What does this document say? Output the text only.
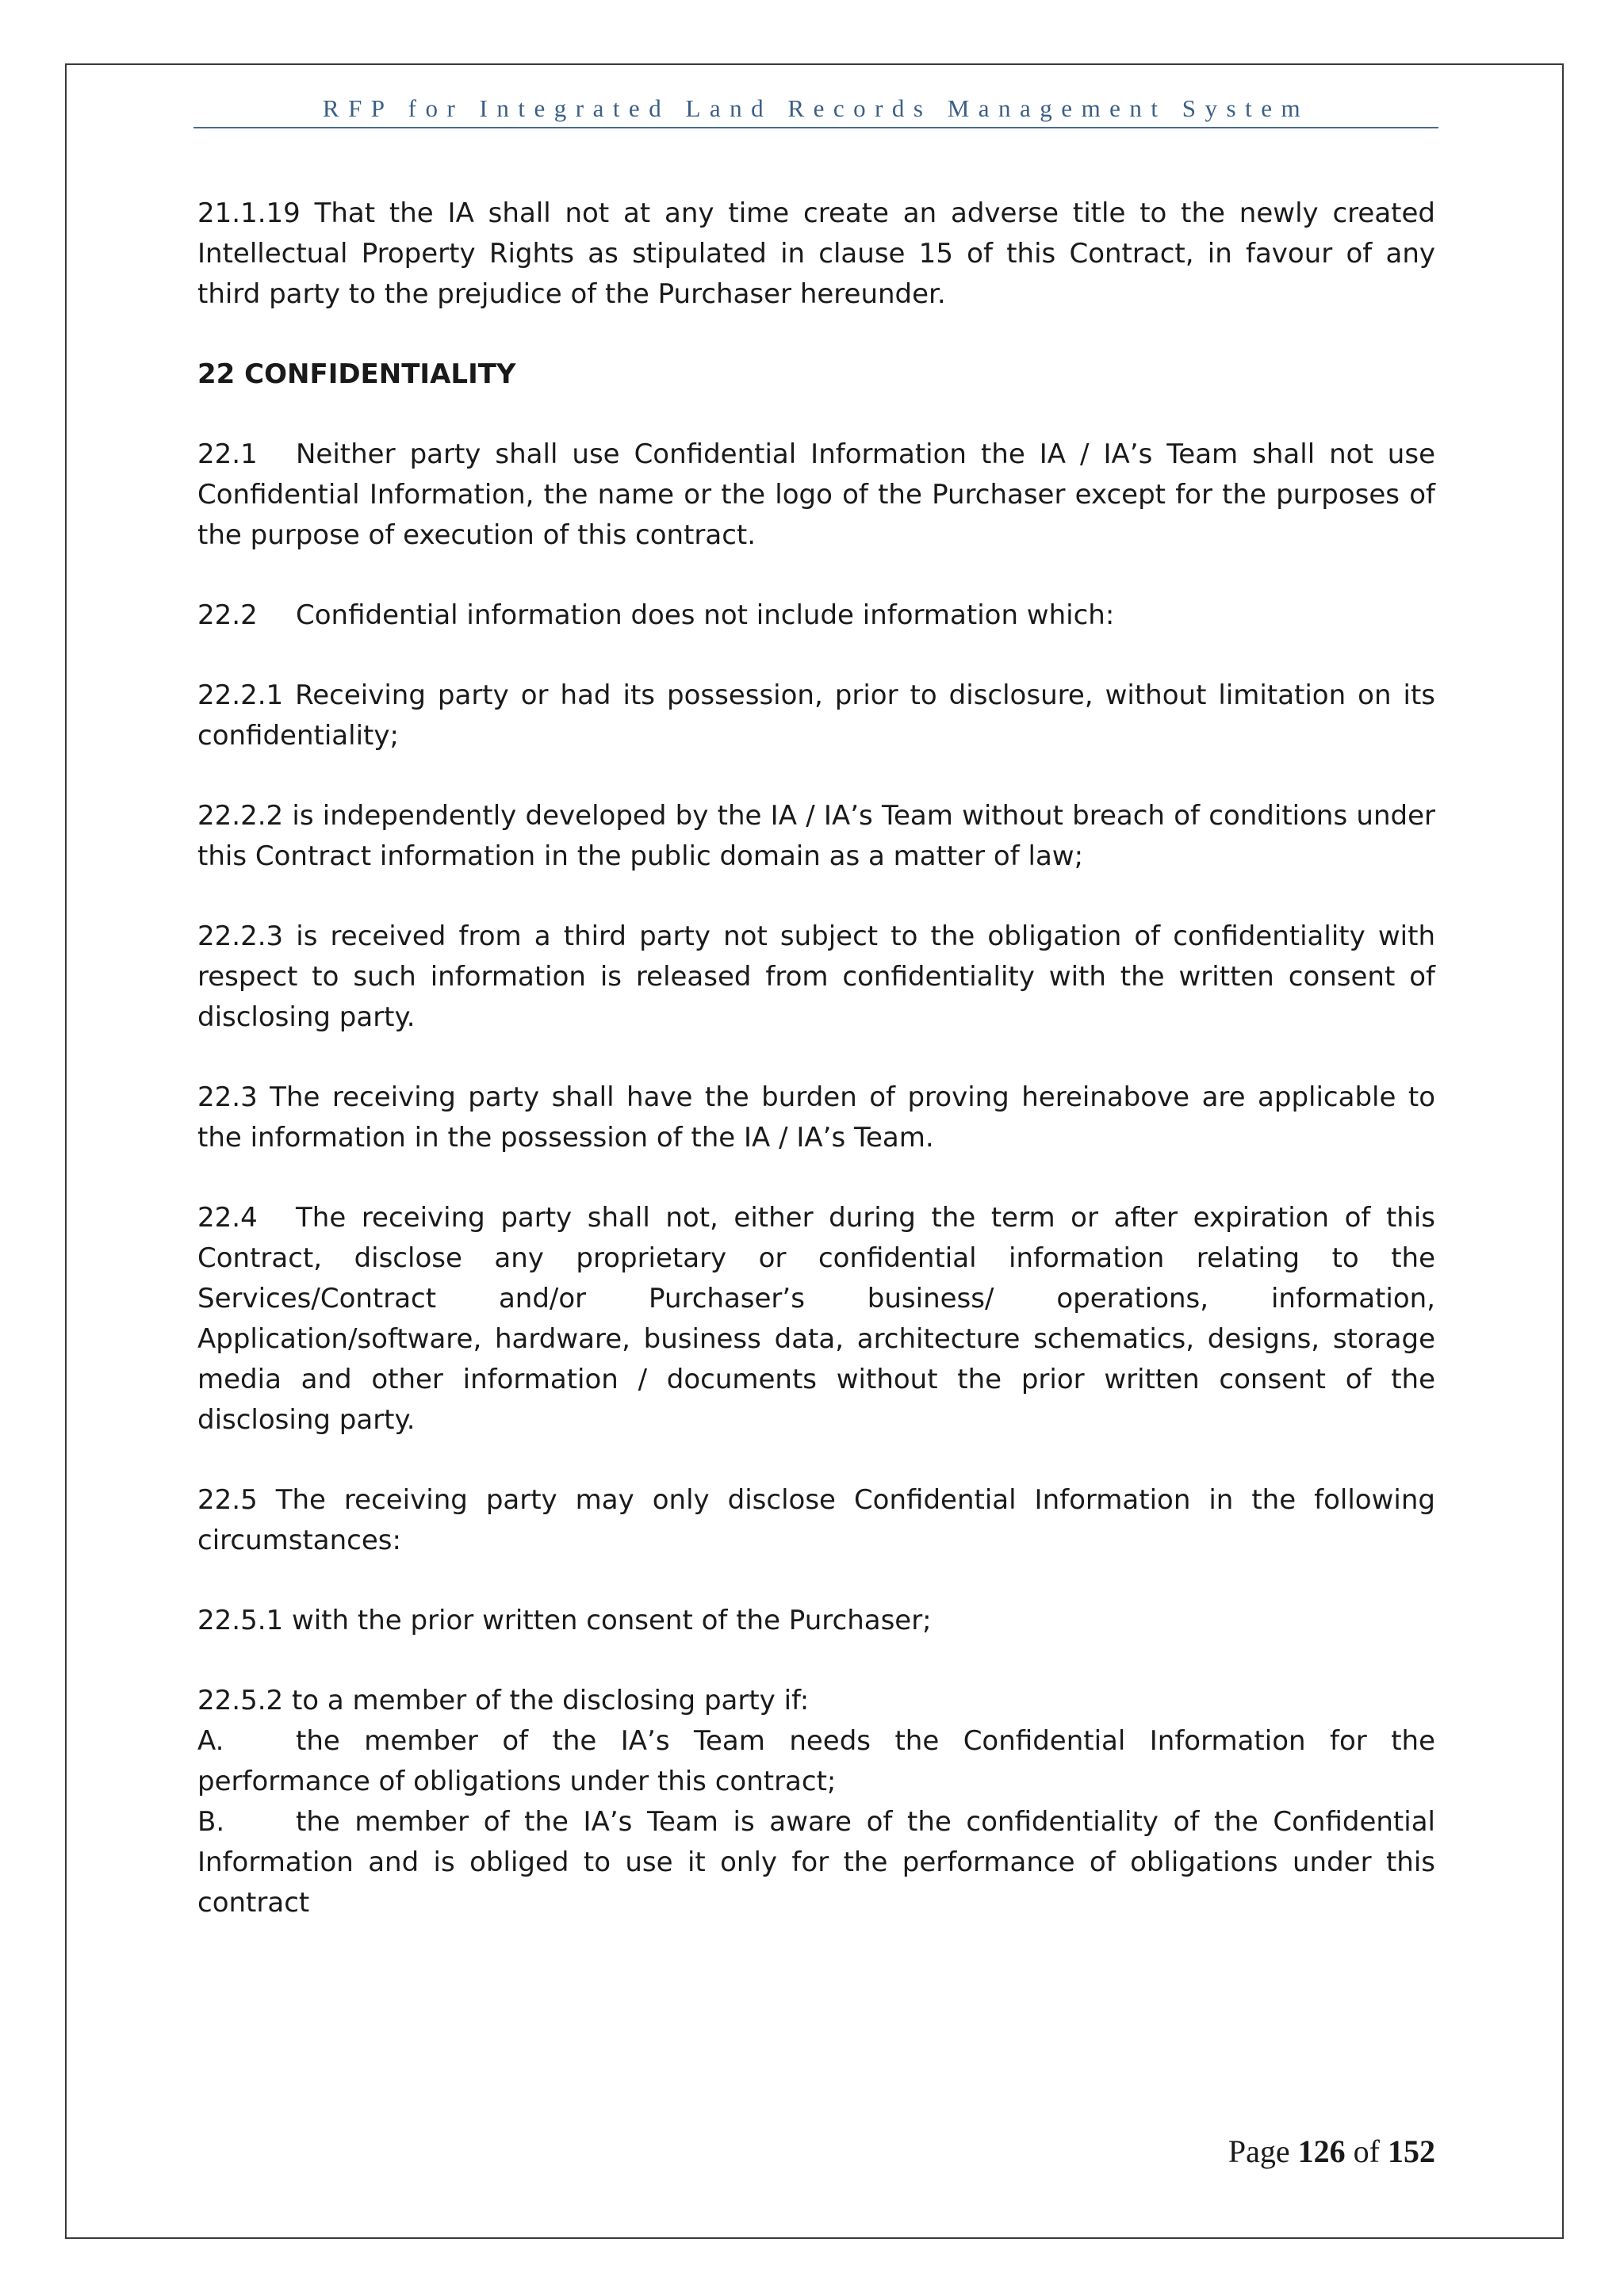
RFP for Integrated Land Records Management System

21.1.19 That the IA shall not at any time create an adverse title to the newly created Intellectual Property Rights as stipulated in clause 15 of this Contract, in favour of any third party to the prejudice of the Purchaser hereunder.

22 CONFIDENTIALITY

22.1 Neither party shall use Confidential Information the IA / IA’s Team shall not use Confidential Information, the name or the logo of the Purchaser except for the purposes of the purpose of execution of this contract.

22.2 Confidential information does not include information which:

22.2.1 Receiving party or had its possession, prior to disclosure, without limitation on its confidentiality;

22.2.2 is independently developed by the IA / IA’s Team without breach of conditions under this Contract information in the public domain as a matter of law;

22.2.3 is received from a third party not subject to the obligation of confidentiality with respect to such information is released from confidentiality with the written consent of disclosing party.

22.3 The receiving party shall have the burden of proving hereinabove are applicable to the information in the possession of the IA / IA’s Team.

22.4 The receiving party shall not, either during the term or after expiration of this Contract, disclose any proprietary or confidential information relating to the Services/Contract and/or Purchaser’s business/ operations, information, Application/software, hardware, business data, architecture schematics, designs, storage media and other information / documents without the prior written consent of the disclosing party.

22.5 The receiving party may only disclose Confidential Information in the following circumstances:

22.5.1 with the prior written consent of the Purchaser;

22.5.2 to a member of the disclosing party if:

A.	the member of the IA’s Team needs the Confidential Information for the performance of obligations under this contract;

B.	the member of the IA’s Team is aware of the confidentiality of the Confidential Information and is obliged to use it only for the performance of obligations under this contract

Page 126 of 152
